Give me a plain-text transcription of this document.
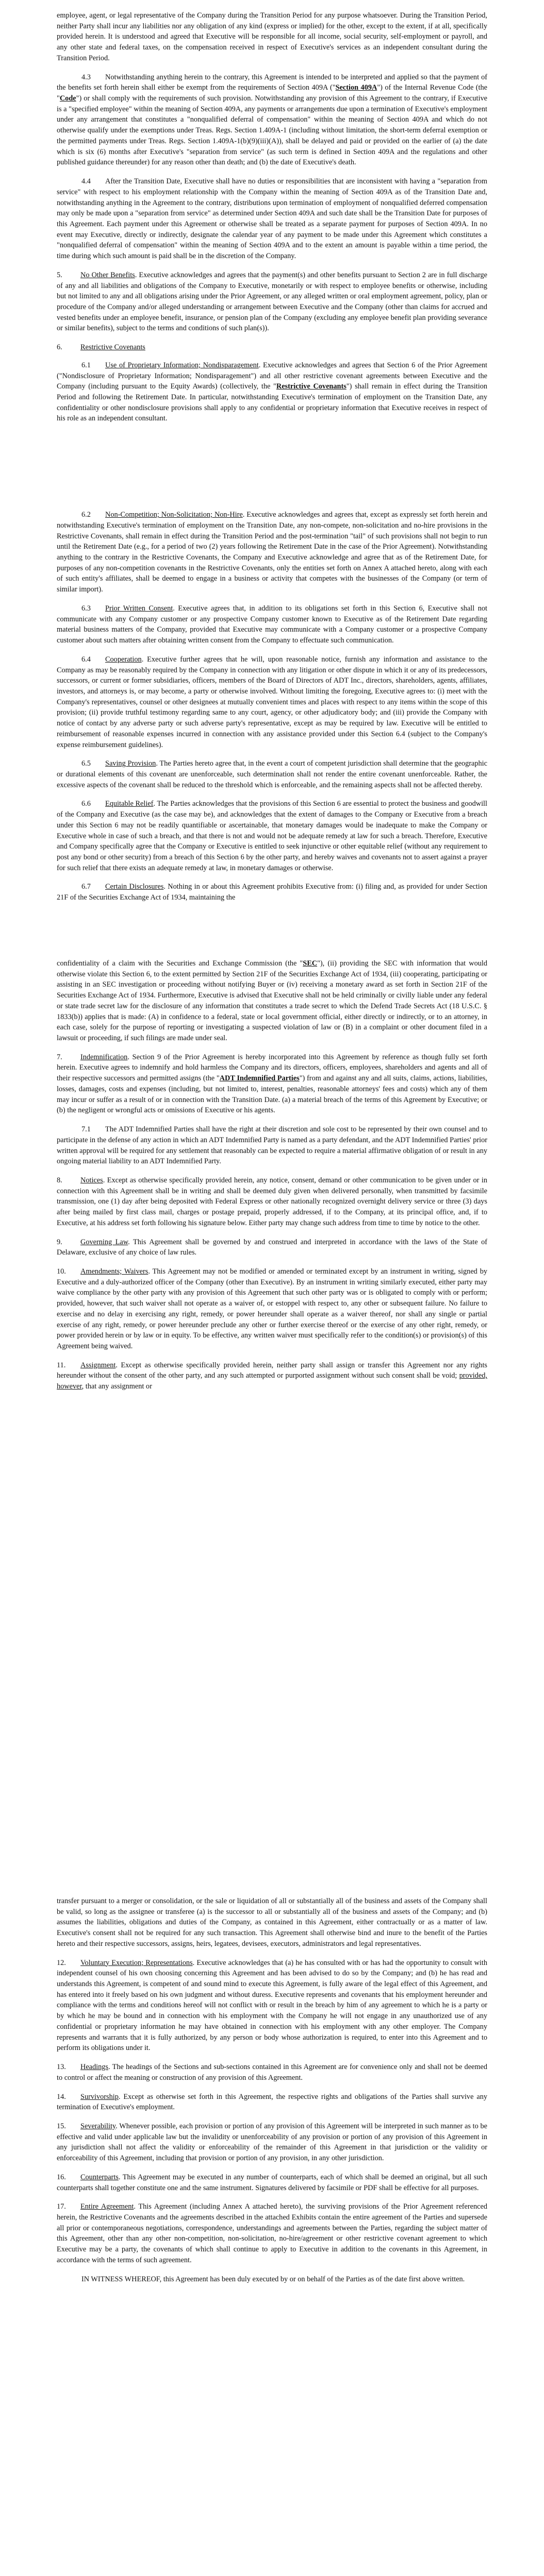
employee, agent, or legal representative of the Company during the Transition Period for any purpose whatsoever. During the Transition Period, neither Party shall incur any liabilities nor any obligation of any kind (express or implied) for the other, except to the extent, if at all, specifically provided herein. It is understood and agreed that Executive will be responsible for all income, social security, self-employment or payroll, and any other state and federal taxes, on the compensation received in respect of Executive's services as an independent consultant during the Transition Period.

4.3 Notwithstanding anything herein to the contrary, this Agreement is intended to be interpreted and applied so that the payment of the benefits set forth herein shall either be exempt from the requirements of Section 409A ("Section 409A") of the Internal Revenue Code (the "Code") or shall comply with the requirements of such provision. Notwithstanding any provision of this Agreement to the contrary, if Executive is a "specified employee" within the meaning of Section 409A, any payments or arrangements due upon a termination of Executive's employment under any arrangement that constitutes a "nonqualified deferral of compensation" within the meaning of Section 409A and which do not otherwise qualify under the exemptions under Treas. Regs. Section 1.409A-1 (including without limitation, the short-term deferral exemption or the permitted payments under Treas. Regs. Section 1.409A-1(b)(9)(iii)(A)), shall be delayed and paid or provided on the earlier of (a) the date which is six (6) months after Executive's "separation from service" (as such term is defined in Section 409A and the regulations and other published guidance thereunder) for any reason other than death; and (b) the date of Executive's death.

4.4 After the Transition Date, Executive shall have no duties or responsibilities that are inconsistent with having a "separation from service" with respect to his employment relationship with the Company within the meaning of Section 409A as of the Transition Date and, notwithstanding anything in the Agreement to the contrary, distributions upon termination of employment of nonqualified deferred compensation may only be made upon a "separation from service" as determined under Section 409A and such date shall be the Transition Date for purposes of this Agreement. Each payment under this Agreement or otherwise shall be treated as a separate payment for purposes of Section 409A. In no event may Executive, directly or indirectly, designate the calendar year of any payment to be made under this Agreement which constitutes a "nonqualified deferral of compensation" within the meaning of Section 409A and to the extent an amount is payable within a time period, the time during which such amount is paid shall be in the discretion of the Company.

5. No Other Benefits. Executive acknowledges and agrees that the payment(s) and other benefits pursuant to Section 2 are in full discharge of any and all liabilities and obligations of the Company to Executive, monetarily or with respect to employee benefits or otherwise, including but not limited to any and all obligations arising under the Prior Agreement, or any alleged written or oral employment agreement, policy, plan or procedure of the Company and/or alleged understanding or arrangement between Executive and the Company (other than claims for accrued and vested benefits under an employee benefit, insurance, or pension plan of the Company (excluding any employee benefit plan providing severance or similar benefits), subject to the terms and conditions of such plan(s)).

6. Restrictive Covenants

6.1 Use of Proprietary Information; Nondisparagement. Executive acknowledges and agrees that Section 6 of the Prior Agreement ("Nondisclosure of Proprietary Information; Nondisparagement") and all other restrictive covenant agreements between Executive and the Company (including pursuant to the Equity Awards) (collectively, the "Restrictive Covenants") shall remain in effect during the Transition Period and following the Retirement Date. In particular, notwithstanding Executive's termination of employment on the Transition Date, any confidentiality or other nondisclosure provisions shall apply to any confidential or proprietary information that Executive receives in respect of his role as an independent consultant.

6.2 Non-Competition; Non-Solicitation; Non-Hire. Executive acknowledges and agrees that, except as expressly set forth herein and notwithstanding Executive's termination of employment on the Transition Date, any non-compete, non-solicitation and no-hire provisions in the Restrictive Covenants, shall remain in effect during the Transition Period and the post-termination "tail" of such provisions shall not begin to run until the Retirement Date (e.g., for a period of two (2) years following the Retirement Date in the case of the Prior Agreement). Notwithstanding anything to the contrary in the Restrictive Covenants, the Company and Executive acknowledge and agree that as of the Retirement Date, for purposes of any non-competition covenants in the Restrictive Covenants, only the entities set forth on Annex A attached hereto, along with each of such entity's affiliates, shall be deemed to engage in a business or activity that competes with the businesses of the Company (or term of similar import).

6.3 Prior Written Consent. Executive agrees that, in addition to its obligations set forth in this Section 6, Executive shall not communicate with any Company customer or any prospective Company customer known to Executive as of the Retirement Date regarding material business matters of the Company, provided that Executive may communicate with a Company customer or a prospective Company customer about such matters after obtaining written consent from the Company to effectuate such communication.

6.4 Cooperation. Executive further agrees that he will, upon reasonable notice, furnish any information and assistance to the Company as may be reasonably required by the Company in connection with any litigation or other dispute in which it or any of its predecessors, successors, or current or former subsidiaries, officers, members of the Board of Directors of ADT Inc., directors, shareholders, agents, affiliates, investors, and attorneys is, or may become, a party or otherwise involved. Without limiting the foregoing, Executive agrees to: (i) meet with the Company's representatives, counsel or other designees at mutually convenient times and places with respect to any items within the scope of this provision; (ii) provide truthful testimony regarding same to any court, agency, or other adjudicatory body; and (iii) provide the Company with notice of contact by any adverse party or such adverse party's representative, except as may be required by law. Executive will be entitled to reimbursement of reasonable expenses incurred in connection with any assistance provided under this Section 6.4 (subject to the Company's expense reimbursement guidelines).

6.5 Saving Provision. The Parties hereto agree that, in the event a court of competent jurisdiction shall determine that the geographic or durational elements of this covenant are unenforceable, such determination shall not render the entire covenant unenforceable. Rather, the excessive aspects of the covenant shall be reduced to the threshold which is enforceable, and the remaining aspects shall not be affected thereby.

6.6 Equitable Relief. The Parties acknowledges that the provisions of this Section 6 are essential to protect the business and goodwill of the Company and Executive (as the case may be), and acknowledges that the extent of damages to the Company or Executive from a breach under this Section 6 may not be readily quantifiable or ascertainable, that monetary damages would be inadequate to make the Company or Executive whole in case of such a breach, and that there is not and would not be adequate remedy at law for such a breach. Therefore, Executive and Company specifically agree that the Company or Executive is entitled to seek injunctive or other equitable relief (without any requirement to post any bond or other security) from a breach of this Section 6 by the other party, and hereby waives and covenants not to assert against a prayer for such relief that there exists an adequate remedy at law, in monetary damages or otherwise.

6.7 Certain Disclosures. Nothing in or about this Agreement prohibits Executive from: (i) filing and, as provided for under Section 21F of the Securities Exchange Act of 1934, maintaining the

confidentiality of a claim with the Securities and Exchange Commission (the "SEC"), (ii) providing the SEC with information that would otherwise violate this Section 6, to the extent permitted by Section 21F of the Securities Exchange Act of 1934, (iii) cooperating, participating or assisting in an SEC investigation or proceeding without notifying Buyer or (iv) receiving a monetary award as set forth in Section 21F of the Securities Exchange Act of 1934. Furthermore, Executive is advised that Executive shall not be held criminally or civilly liable under any federal or state trade secret law for the disclosure of any information that constitutes a trade secret to which the Defend Trade Secrets Act (18 U.S.C. § 1833(b)) applies that is made: (A) in confidence to a federal, state or local government official, either directly or indirectly, or to an attorney, in each case, solely for the purpose of reporting or investigating a suspected violation of law or (B) in a complaint or other document filed in a lawsuit or proceeding, if such filings are made under seal.

7. Indemnification. Section 9 of the Prior Agreement is hereby incorporated into this Agreement by reference as though fully set forth herein. Executive agrees to indemnify and hold harmless the Company and its directors, officers, employees, shareholders and agents and all of their respective successors and permitted assigns (the "ADT Indemnified Parties") from and against any and all suits, claims, actions, liabilities, losses, damages, costs and expenses (including, but not limited to, interest, penalties, reasonable attorneys' fees and costs) which any of them may incur or suffer as a result of or in connection with the Transition Date. (a) a material breach of the terms of this Agreement by Executive; or (b) the negligent or wrongful acts or omissions of Executive or his agents.

7.1 The ADT Indemnified Parties shall have the right at their discretion and sole cost to be represented by their own counsel and to participate in the defense of any action in which an ADT Indemnified Party is named as a party defendant, and the ADT Indemnified Parties' prior written approval will be required for any settlement that reasonably can be expected to require a material affirmative obligation of or result in any ongoing material liability to an ADT Indemnified Party.

8. Notices. Except as otherwise specifically provided herein, any notice, consent, demand or other communication to be given under or in connection with this Agreement shall be in writing and shall be deemed duly given when delivered personally, when transmitted by facsimile transmission, one (1) day after being deposited with Federal Express or other nationally recognized overnight delivery service or three (3) days after being mailed by first class mail, charges or postage prepaid, properly addressed, if to the Company, at its principal office, and, if to Executive, at his address set forth following his signature below. Either party may change such address from time to time by notice to the other.

9. Governing Law. This Agreement shall be governed by and construed and interpreted in accordance with the laws of the State of Delaware, exclusive of any choice of law rules.

10. Amendments; Waivers. This Agreement may not be modified or amended or terminated except by an instrument in writing, signed by Executive and a duly-authorized officer of the Company (other than Executive). By an instrument in writing similarly executed, either party may waive compliance by the other party with any provision of this Agreement that such other party was or is obligated to comply with or perform; provided, however, that such waiver shall not operate as a waiver of, or estoppel with respect to, any other or subsequent failure. No failure to exercise and no delay in exercising any right, remedy, or power hereunder shall operate as a waiver thereof, nor shall any single or partial exercise of any right, remedy, or power hereunder preclude any other or further exercise thereof or the exercise of any other right, remedy, or power provided herein or by law or in equity. To be effective, any written waiver must specifically refer to the condition(s) or provision(s) of this Agreement being waived.

11. Assignment. Except as otherwise specifically provided herein, neither party shall assign or transfer this Agreement nor any rights hereunder without the consent of the other party, and any such attempted or purported assignment without such consent shall be void; provided, however, that any assignment or

transfer pursuant to a merger or consolidation, or the sale or liquidation of all or substantially all of the business and assets of the Company shall be valid, so long as the assignee or transferee (a) is the successor to all or substantially all of the business and assets of the Company; and (b) assumes the liabilities, obligations and duties of the Company, as contained in this Agreement, either contractually or as a matter of law. Executive's consent shall not be required for any such transaction. This Agreement shall otherwise bind and inure to the benefit of the Parties hereto and their respective successors, assigns, heirs, legatees, devisees, executors, administrators and legal representatives.

12. Voluntary Execution; Representations. Executive acknowledges that (a) he has consulted with or has had the opportunity to consult with independent counsel of his own choosing concerning this Agreement and has been advised to do so by the Company; and (b) he has read and understands this Agreement, is competent of and sound mind to execute this Agreement, is fully aware of the legal effect of this Agreement, and has entered into it freely based on his own judgment and without duress. Executive represents and covenants that his employment hereunder and compliance with the terms and conditions hereof will not conflict with or result in the breach by him of any agreement to which he is a party or by which he may be bound and in connection with his employment with the Company he will not engage in any unauthorized use of any confidential or proprietary information he may have obtained in connection with his employment with any other employer. The Company represents and warrants that it is fully authorized, by any person or body whose authorization is required, to enter into this Agreement and to perform its obligations under it.

13. Headings. The headings of the Sections and sub-sections contained in this Agreement are for convenience only and shall not be deemed to control or affect the meaning or construction of any provision of this Agreement.

14. Survivorship. Except as otherwise set forth in this Agreement, the respective rights and obligations of the Parties shall survive any termination of Executive's employment.

15. Severability. Whenever possible, each provision or portion of any provision of this Agreement will be interpreted in such manner as to be effective and valid under applicable law but the invalidity or unenforceability of any provision or portion of any provision of this Agreement in any jurisdiction shall not affect the validity or enforceability of the remainder of this Agreement in that jurisdiction or the validity or enforceability of this Agreement, including that provision or portion of any provision, in any other jurisdiction.

16. Counterparts. This Agreement may be executed in any number of counterparts, each of which shall be deemed an original, but all such counterparts shall together constitute one and the same instrument. Signatures delivered by facsimile or PDF shall be effective for all purposes.

17. Entire Agreement. This Agreement (including Annex A attached hereto), the surviving provisions of the Prior Agreement referenced herein, the Restrictive Covenants and the agreements described in the attached Exhibits contain the entire agreement of the Parties and supersede all prior or contemporaneous negotiations, correspondence, understandings and agreements between the Parties, regarding the subject matter of this Agreement, other than any other non-competition, non-solicitation, no-hire/agreement or other restrictive covenant agreement to which Executive may be a party, the covenants of which shall continue to apply to Executive in addition to the covenants in this Agreement, in accordance with the terms of such agreement.

IN WITNESS WHEREOF, this Agreement has been duly executed by or on behalf of the Parties as of the date first above written.
